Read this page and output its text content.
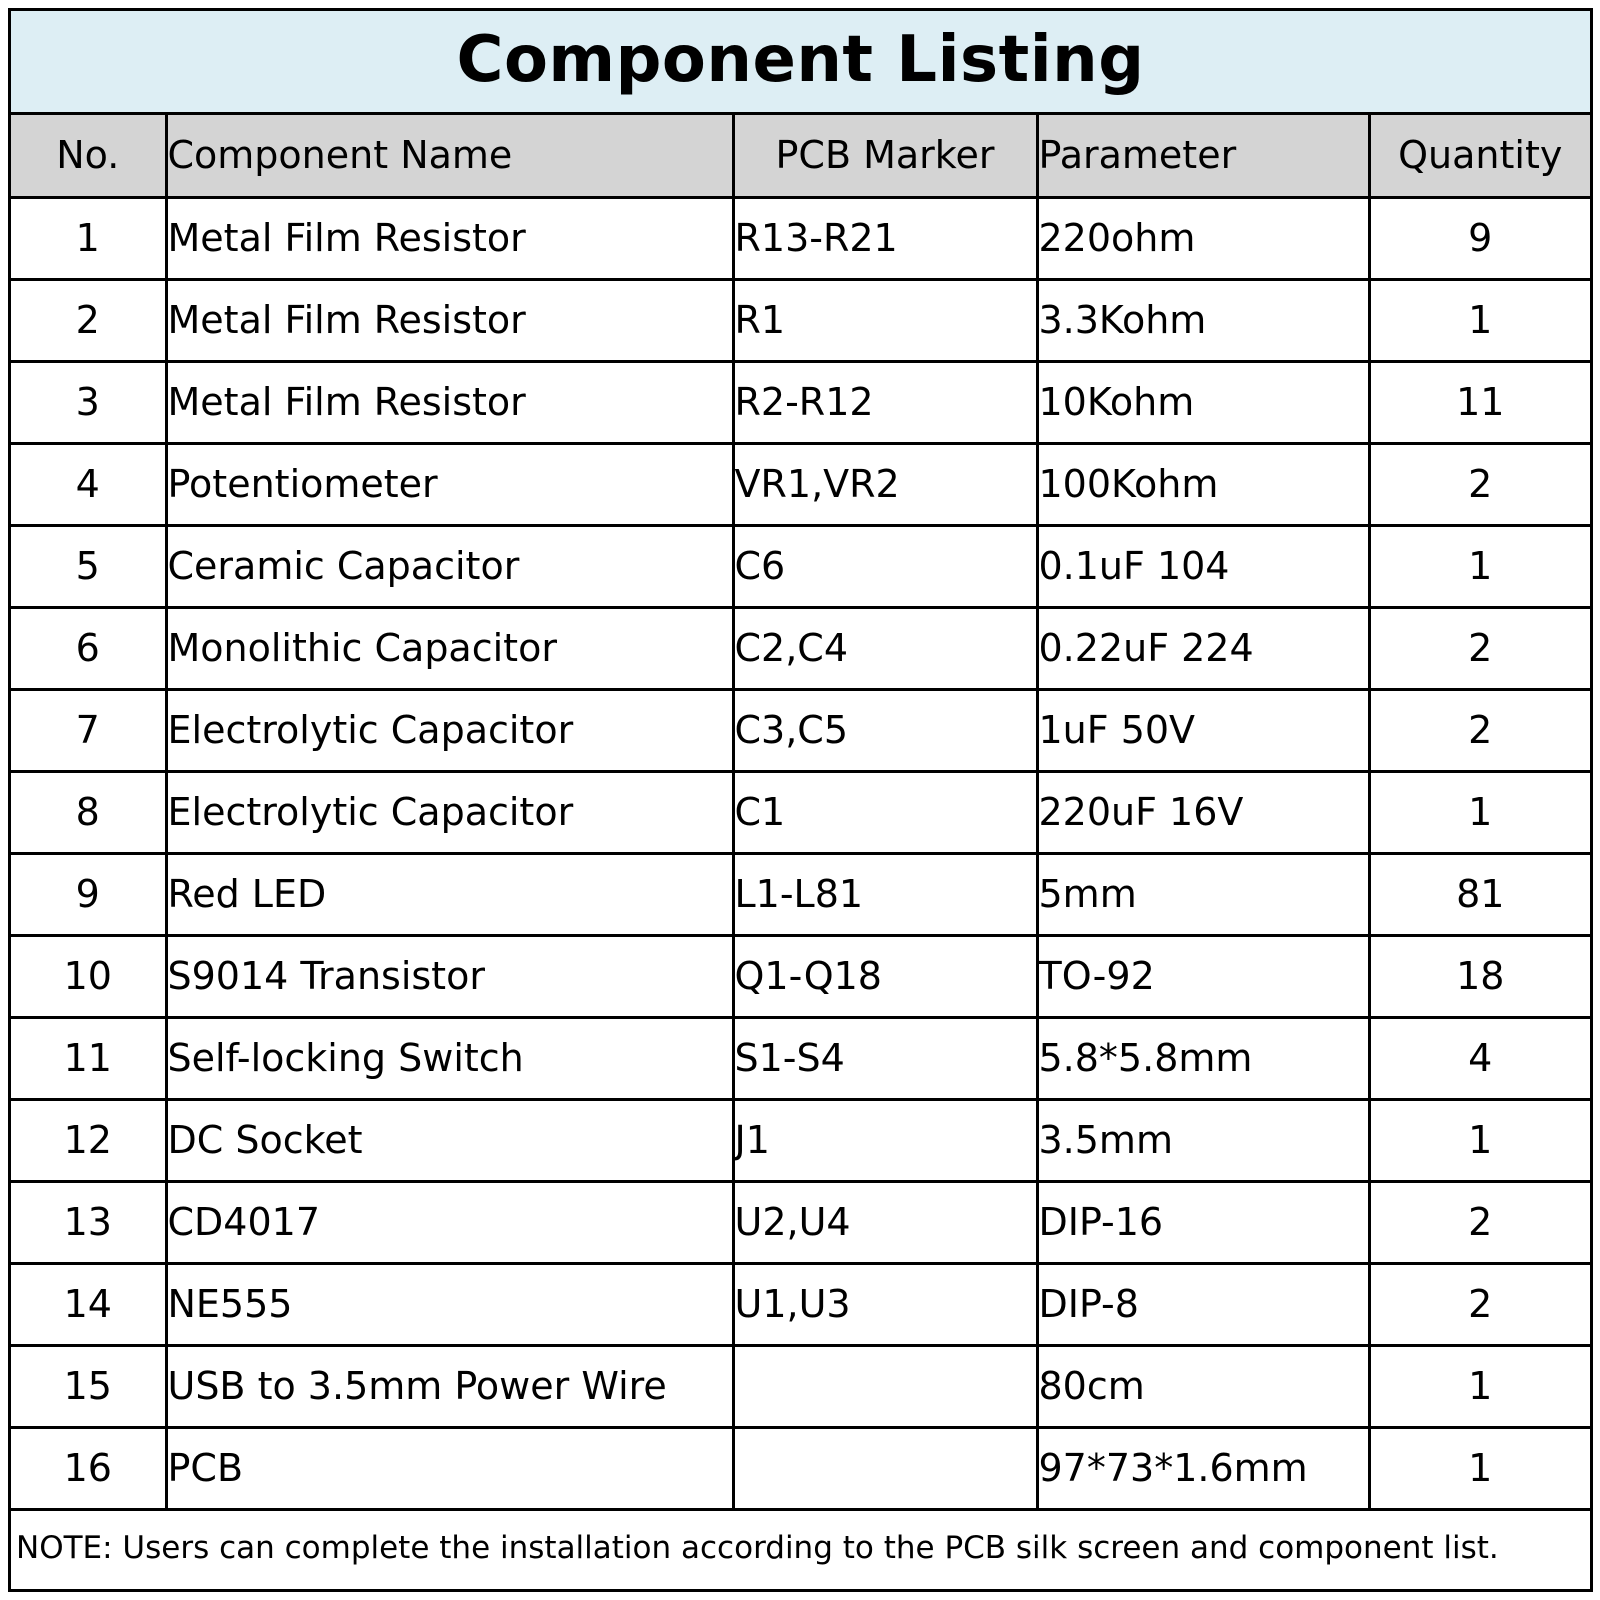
Component Listing
No.	Component Name	PCB Marker	Parameter	Quantity
1	Metal Film Resistor	R13-R21	220ohm	9
2	Metal Film Resistor	R1	3.3Kohm	1
3	Metal Film Resistor	R2-R12	10Kohm	11
4	Potentiometer	VR1,VR2	100Kohm	2
5	Ceramic Capacitor	C6	0.1uF 104	1
6	Monolithic Capacitor	C2,C4	0.22uF 224	2
7	Electrolytic Capacitor	C3,C5	1uF 50V	2
8	Electrolytic Capacitor	C1	220uF 16V	1
9	Red LED	L1-L81	5mm	81
10	S9014 Transistor	Q1-Q18	TO-92	18
11	Self-locking Switch	S1-S4	5.8*5.8mm	4
12	DC Socket	J1	3.5mm	1
13	CD4017	U2,U4	DIP-16	2
14	NE555	U1,U3	DIP-8	2
15	USB to 3.5mm Power Wire		80cm	1
16	PCB		97*73*1.6mm	1
NOTE: Users can complete the installation according to the PCB silk screen and component list.
